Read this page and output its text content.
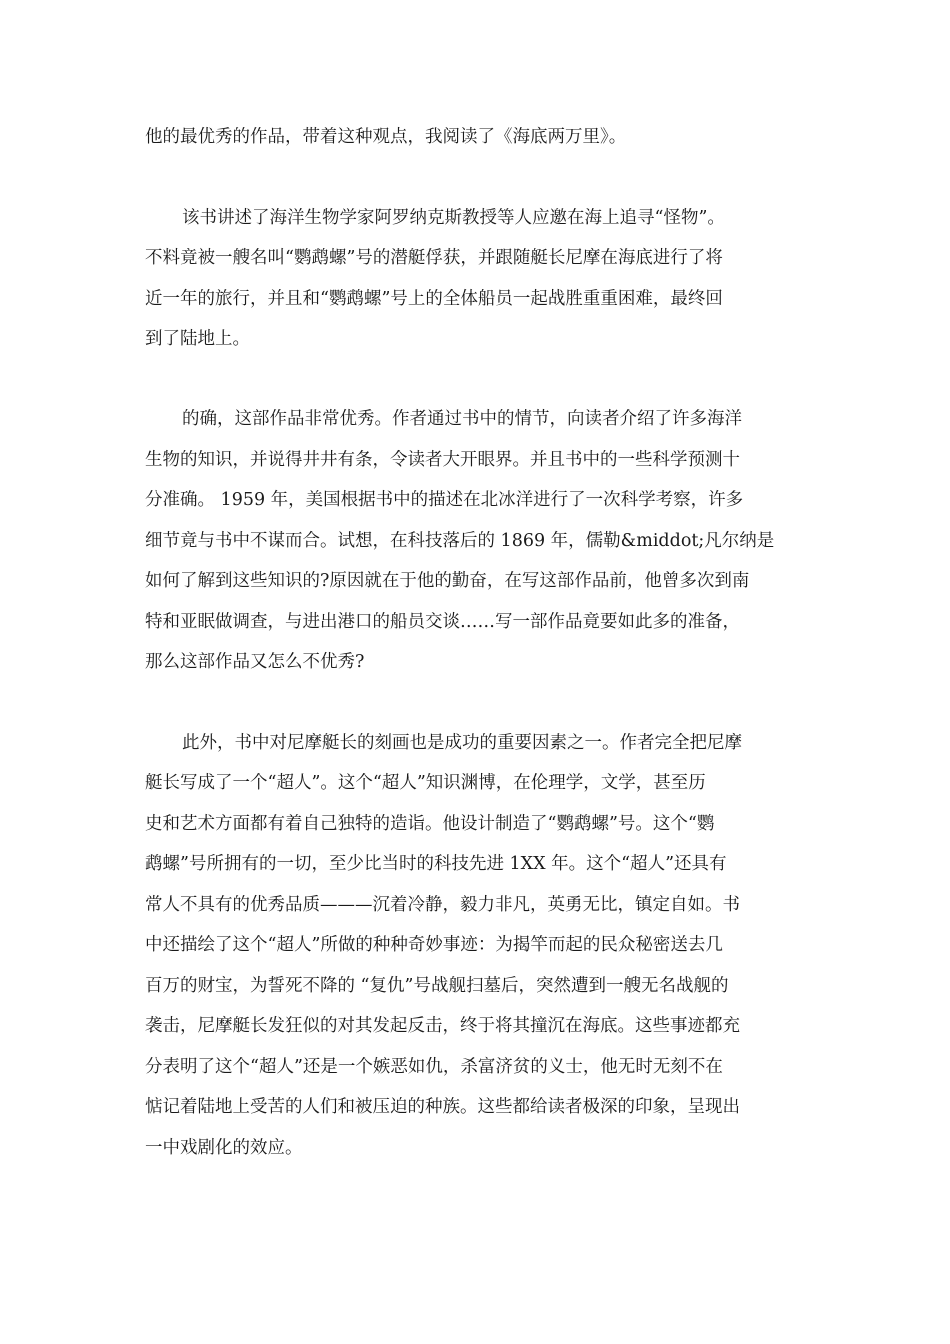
他的最优秀的作品，带着这种观点，我阅读了《海底两万里》。
该书讲述了海洋生物学家阿罗纳克斯教授等人应邀在海上追寻“怪物”。
不料竟被一艘名叫“鹦鹉螺”号的潜艇俘获，并跟随艇长尼摩在海底进行了将
近一年的旅行，并且和“鹦鹉螺”号上的全体船员一起战胜重重困难，最终回
到了陆地上。
的确，这部作品非常优秀。作者通过书中的情节，向读者介绍了许多海洋
生物的知识，并说得井井有条，令读者大开眼界。并且书中的一些科学预测十
分准确。 1959 年，美国根据书中的描述在北冰洋进行了一次科学考察，许多
细节竟与书中不谋而合。试想，在科技落后的 1869 年，儒勒&middot;凡尔纳是
如何了解到这些知识的?原因就在于他的勤奋，在写这部作品前，他曾多次到南
特和亚眠做调查，与进出港口的船员交谈……写一部作品竟要如此多的准备，
那么这部作品又怎么不优秀?
此外，书中对尼摩艇长的刻画也是成功的重要因素之一。作者完全把尼摩
艇长写成了一个“超人”。这个“超人”知识渊博，在伦理学，文学，甚至历
史和艺术方面都有着自己独特的造诣。他设计制造了“鹦鹉螺”号。这个“鹦
鹉螺”号所拥有的一切，至少比当时的科技先进 1XX 年。这个“超人”还具有
常人不具有的优秀品质———沉着冷静，毅力非凡，英勇无比，镇定自如。书
中还描绘了这个“超人”所做的种种奇妙事迹：为揭竿而起的民众秘密送去几
百万的财宝，为誓死不降的 “复仇”号战舰扫墓后，突然遭到一艘无名战舰的
袭击，尼摩艇长发狂似的对其发起反击，终于将其撞沉在海底。这些事迹都充
分表明了这个“超人”还是一个嫉恶如仇，杀富济贫的义士，他无时无刻不在
惦记着陆地上受苦的人们和被压迫的种族。这些都给读者极深的印象，呈现出
一中戏剧化的效应。
